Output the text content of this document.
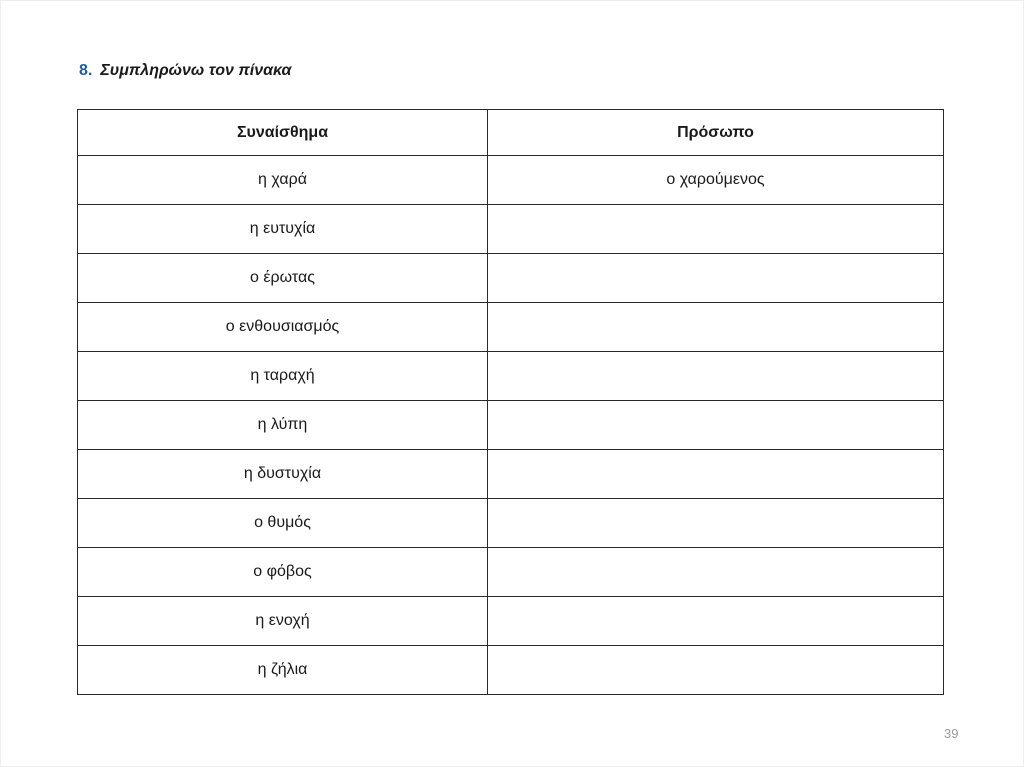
8. Συμπληρώνω τον πίνακα
Συναίσθημα	Πρόσωπο
η χαρά	ο χαρούμενος
η ευτυχία	
ο έρωτας	
ο ενθουσιασμός	
η ταραχή	
η λύπη	
η δυστυχία	
ο θυμός	
ο φόβος	
η ενοχή	
η ζήλια	
39
